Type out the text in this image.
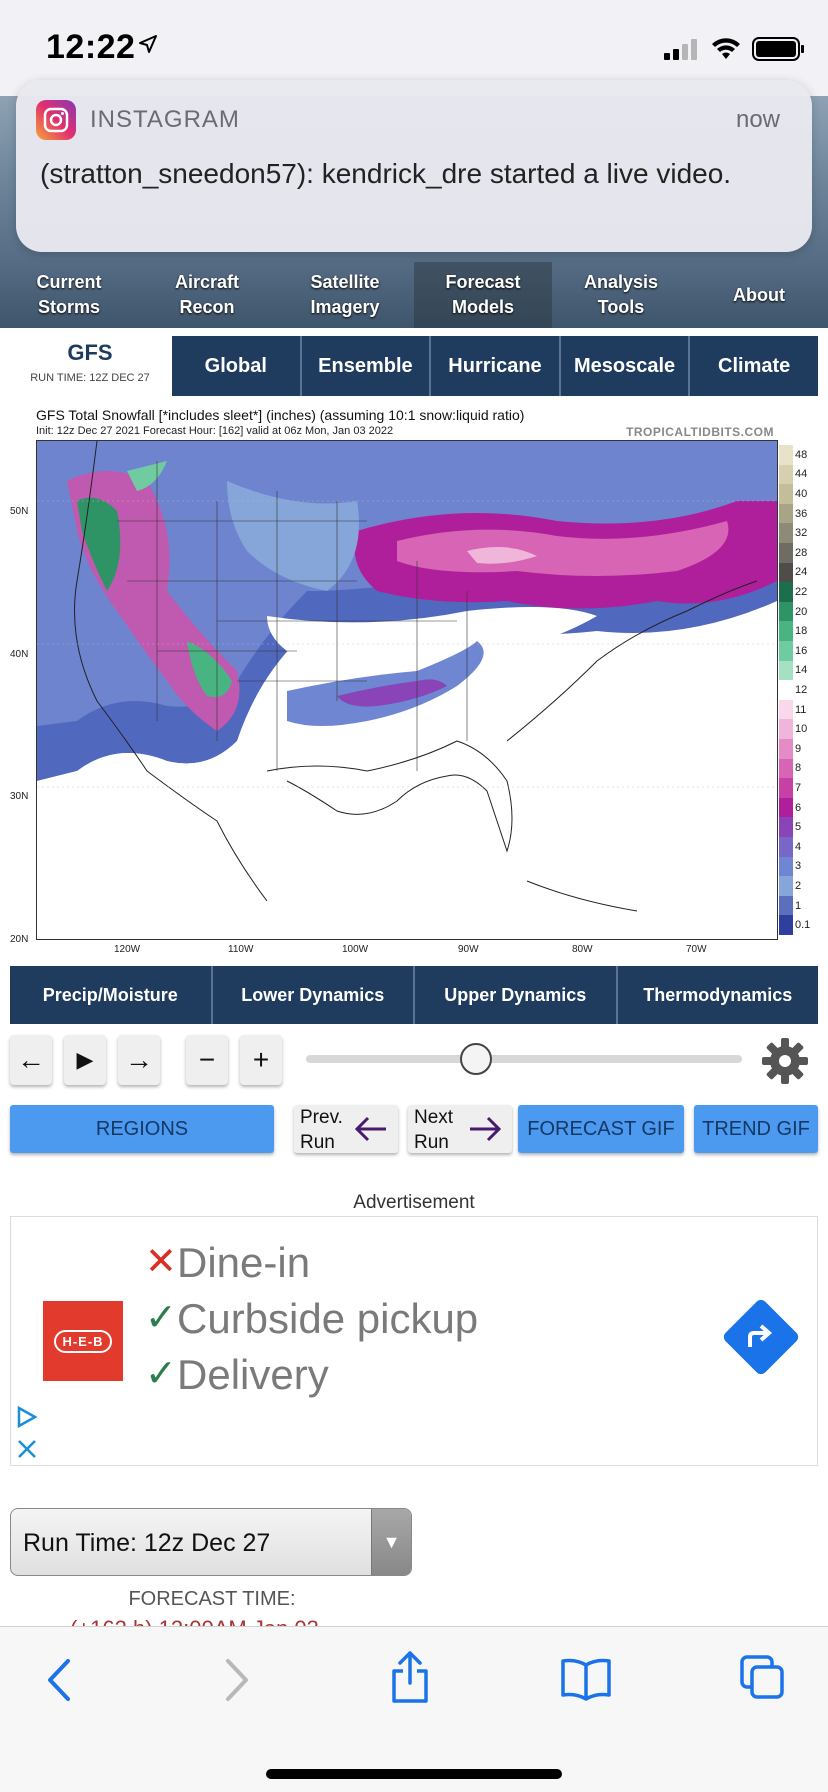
12:22
Current
Storms
Aircraft
Recon
Satellite
Imagery
Forecast
Models
Analysis
Tools
About
INSTAGRAM	now
(stratton_sneedon57): kendrick_dre started a live video.
GFS
RUN TIME: 12Z DEC 27
Global	Ensemble	Hurricane	Mesoscale	Climate
GFS Total Snowfall [*includes sleet*] (inches) (assuming 10:1 snow:liquid ratio)
Init: 12z Dec 27 2021 Forecast Hour: [162] valid at 06z Mon, Jan 03 2022	TROPICALTIDBITS.COM
50N
40N
30N
20N
120W	110W	100W	90W	80W	70W
48
44
40
36
32
28
24
22
20
18
16
14
12
11
10
9
8
7
6
5
4
3
2
1
0.1
Precip/Moisture	Lower Dynamics	Upper Dynamics	Thermodynamics
←	▶	→	−	+
REGIONS	Prev.
Run
Next
Run
FORECAST GIF	TREND GIF
Advertisement
H-E-B
✕ Dine-in
✓ Curbside pickup
✓ Delivery
Run Time: 12z Dec 27	▼
FORECAST TIME:
